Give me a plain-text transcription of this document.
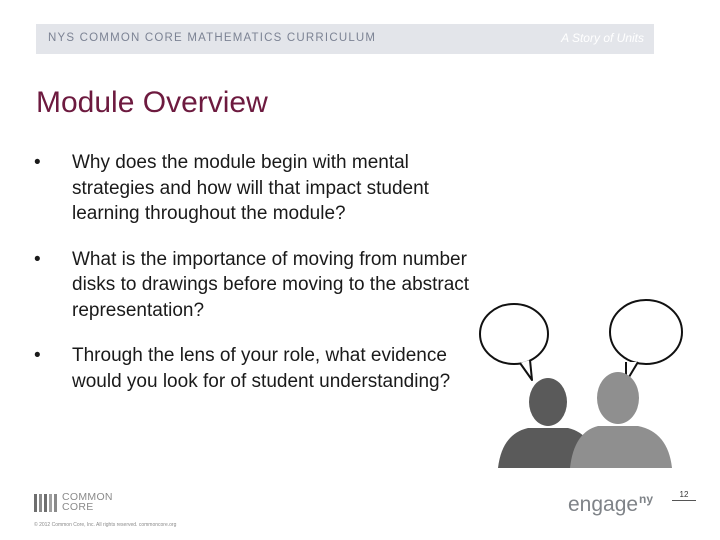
NYS COMMON CORE MATHEMATICS CURRICULUM	A Story of Units
Module Overview
• Why does the module begin with mental strategies and how will that impact student learning throughout the module?
• What is the importance of moving from number disks to drawings before moving to the abstract representation?
• Through the lens of your role, what evidence would you look for of student understanding?
COMMON
CORE
© 2012 Common Core, Inc. All rights reserved. commoncore.org
engage ny	12
